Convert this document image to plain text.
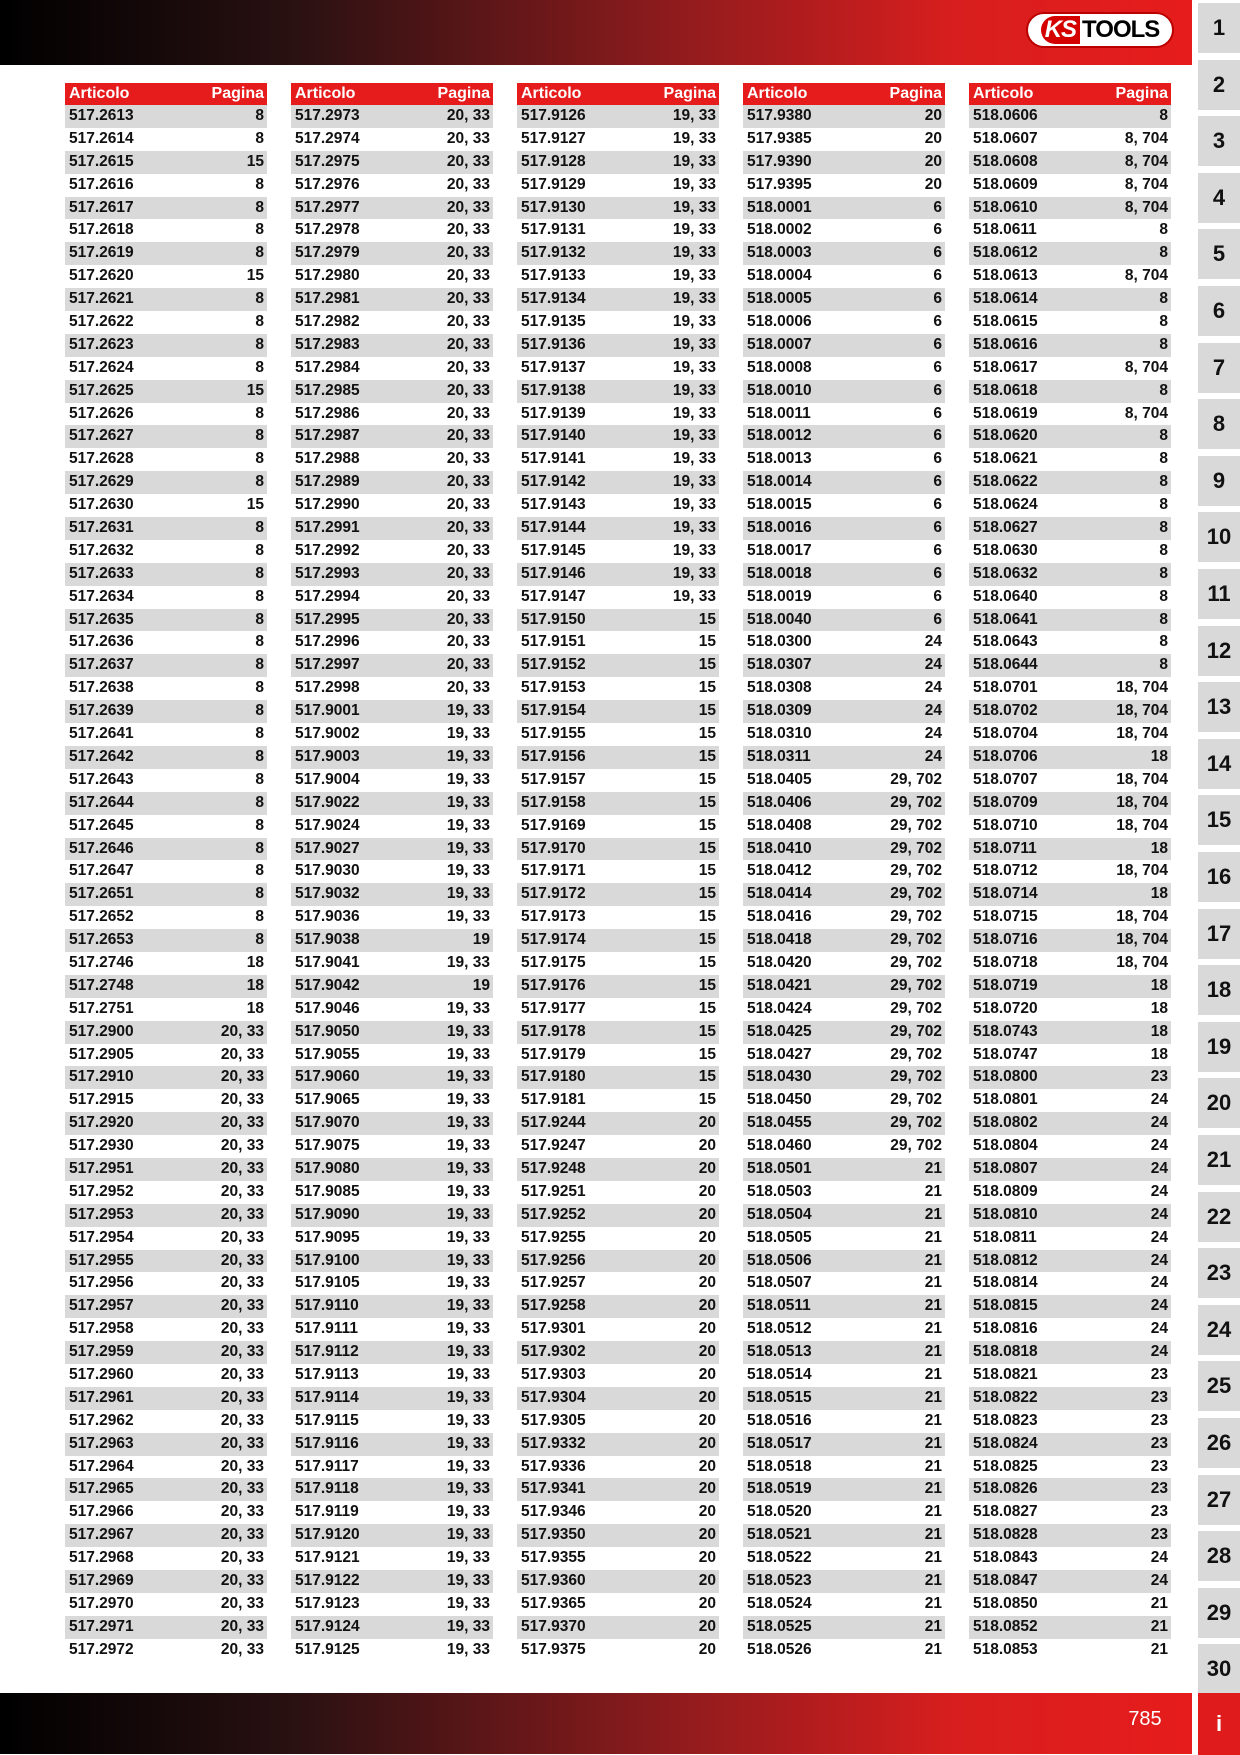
KS TOOLS
Articolo	Pagina
517.2613	8
517.2614	8
517.2615	15
517.2616	8
517.2617	8
517.2618	8
517.2619	8
517.2620	15
517.2621	8
517.2622	8
517.2623	8
517.2624	8
517.2625	15
517.2626	8
517.2627	8
517.2628	8
517.2629	8
517.2630	15
517.2631	8
517.2632	8
517.2633	8
517.2634	8
517.2635	8
517.2636	8
517.2637	8
517.2638	8
517.2639	8
517.2641	8
517.2642	8
517.2643	8
517.2644	8
517.2645	8
517.2646	8
517.2647	8
517.2651	8
517.2652	8
517.2653	8
517.2746	18
517.2748	18
517.2751	18
517.2900	20, 33
517.2905	20, 33
517.2910	20, 33
517.2915	20, 33
517.2920	20, 33
517.2930	20, 33
517.2951	20, 33
517.2952	20, 33
517.2953	20, 33
517.2954	20, 33
517.2955	20, 33
517.2956	20, 33
517.2957	20, 33
517.2958	20, 33
517.2959	20, 33
517.2960	20, 33
517.2961	20, 33
517.2962	20, 33
517.2963	20, 33
517.2964	20, 33
517.2965	20, 33
517.2966	20, 33
517.2967	20, 33
517.2968	20, 33
517.2969	20, 33
517.2970	20, 33
517.2971	20, 33
517.2972	20, 33
Articolo	Pagina
517.2973	20, 33
517.2974	20, 33
517.2975	20, 33
517.2976	20, 33
517.2977	20, 33
517.2978	20, 33
517.2979	20, 33
517.2980	20, 33
517.2981	20, 33
517.2982	20, 33
517.2983	20, 33
517.2984	20, 33
517.2985	20, 33
517.2986	20, 33
517.2987	20, 33
517.2988	20, 33
517.2989	20, 33
517.2990	20, 33
517.2991	20, 33
517.2992	20, 33
517.2993	20, 33
517.2994	20, 33
517.2995	20, 33
517.2996	20, 33
517.2997	20, 33
517.2998	20, 33
517.9001	19, 33
517.9002	19, 33
517.9003	19, 33
517.9004	19, 33
517.9022	19, 33
517.9024	19, 33
517.9027	19, 33
517.9030	19, 33
517.9032	19, 33
517.9036	19, 33
517.9038	19
517.9041	19, 33
517.9042	19
517.9046	19, 33
517.9050	19, 33
517.9055	19, 33
517.9060	19, 33
517.9065	19, 33
517.9070	19, 33
517.9075	19, 33
517.9080	19, 33
517.9085	19, 33
517.9090	19, 33
517.9095	19, 33
517.9100	19, 33
517.9105	19, 33
517.9110	19, 33
517.9111	19, 33
517.9112	19, 33
517.9113	19, 33
517.9114	19, 33
517.9115	19, 33
517.9116	19, 33
517.9117	19, 33
517.9118	19, 33
517.9119	19, 33
517.9120	19, 33
517.9121	19, 33
517.9122	19, 33
517.9123	19, 33
517.9124	19, 33
517.9125	19, 33
Articolo	Pagina
517.9126	19, 33
517.9127	19, 33
517.9128	19, 33
517.9129	19, 33
517.9130	19, 33
517.9131	19, 33
517.9132	19, 33
517.9133	19, 33
517.9134	19, 33
517.9135	19, 33
517.9136	19, 33
517.9137	19, 33
517.9138	19, 33
517.9139	19, 33
517.9140	19, 33
517.9141	19, 33
517.9142	19, 33
517.9143	19, 33
517.9144	19, 33
517.9145	19, 33
517.9146	19, 33
517.9147	19, 33
517.9150	15
517.9151	15
517.9152	15
517.9153	15
517.9154	15
517.9155	15
517.9156	15
517.9157	15
517.9158	15
517.9169	15
517.9170	15
517.9171	15
517.9172	15
517.9173	15
517.9174	15
517.9175	15
517.9176	15
517.9177	15
517.9178	15
517.9179	15
517.9180	15
517.9181	15
517.9244	20
517.9247	20
517.9248	20
517.9251	20
517.9252	20
517.9255	20
517.9256	20
517.9257	20
517.9258	20
517.9301	20
517.9302	20
517.9303	20
517.9304	20
517.9305	20
517.9332	20
517.9336	20
517.9341	20
517.9346	20
517.9350	20
517.9355	20
517.9360	20
517.9365	20
517.9370	20
517.9375	20
Articolo	Pagina
517.9380	20
517.9385	20
517.9390	20
517.9395	20
518.0001	6
518.0002	6
518.0003	6
518.0004	6
518.0005	6
518.0006	6
518.0007	6
518.0008	6
518.0010	6
518.0011	6
518.0012	6
518.0013	6
518.0014	6
518.0015	6
518.0016	6
518.0017	6
518.0018	6
518.0019	6
518.0040	6
518.0300	24
518.0307	24
518.0308	24
518.0309	24
518.0310	24
518.0311	24
518.0405	29, 702
518.0406	29, 702
518.0408	29, 702
518.0410	29, 702
518.0412	29, 702
518.0414	29, 702
518.0416	29, 702
518.0418	29, 702
518.0420	29, 702
518.0421	29, 702
518.0424	29, 702
518.0425	29, 702
518.0427	29, 702
518.0430	29, 702
518.0450	29, 702
518.0455	29, 702
518.0460	29, 702
518.0501	21
518.0503	21
518.0504	21
518.0505	21
518.0506	21
518.0507	21
518.0511	21
518.0512	21
518.0513	21
518.0514	21
518.0515	21
518.0516	21
518.0517	21
518.0518	21
518.0519	21
518.0520	21
518.0521	21
518.0522	21
518.0523	21
518.0524	21
518.0525	21
518.0526	21
Articolo	Pagina
518.0606	8
518.0607	8, 704
518.0608	8, 704
518.0609	8, 704
518.0610	8, 704
518.0611	8
518.0612	8
518.0613	8, 704
518.0614	8
518.0615	8
518.0616	8
518.0617	8, 704
518.0618	8
518.0619	8, 704
518.0620	8
518.0621	8
518.0622	8
518.0624	8
518.0627	8
518.0630	8
518.0632	8
518.0640	8
518.0641	8
518.0643	8
518.0644	8
518.0701	18, 704
518.0702	18, 704
518.0704	18, 704
518.0706	18
518.0707	18, 704
518.0709	18, 704
518.0710	18, 704
518.0711	18
518.0712	18, 704
518.0714	18
518.0715	18, 704
518.0716	18, 704
518.0718	18, 704
518.0719	18
518.0720	18
518.0743	18
518.0747	18
518.0800	23
518.0801	24
518.0802	24
518.0804	24
518.0807	24
518.0809	24
518.0810	24
518.0811	24
518.0812	24
518.0814	24
518.0815	24
518.0816	24
518.0818	24
518.0821	23
518.0822	23
518.0823	23
518.0824	23
518.0825	23
518.0826	23
518.0827	23
518.0828	23
518.0843	24
518.0847	24
518.0850	21
518.0852	21
518.0853	21
1
2
3
4
5
6
7
8
9
10
11
12
13
14
15
16
17
18
19
20
21
22
23
24
25
26
27
28
29
30
i
785
